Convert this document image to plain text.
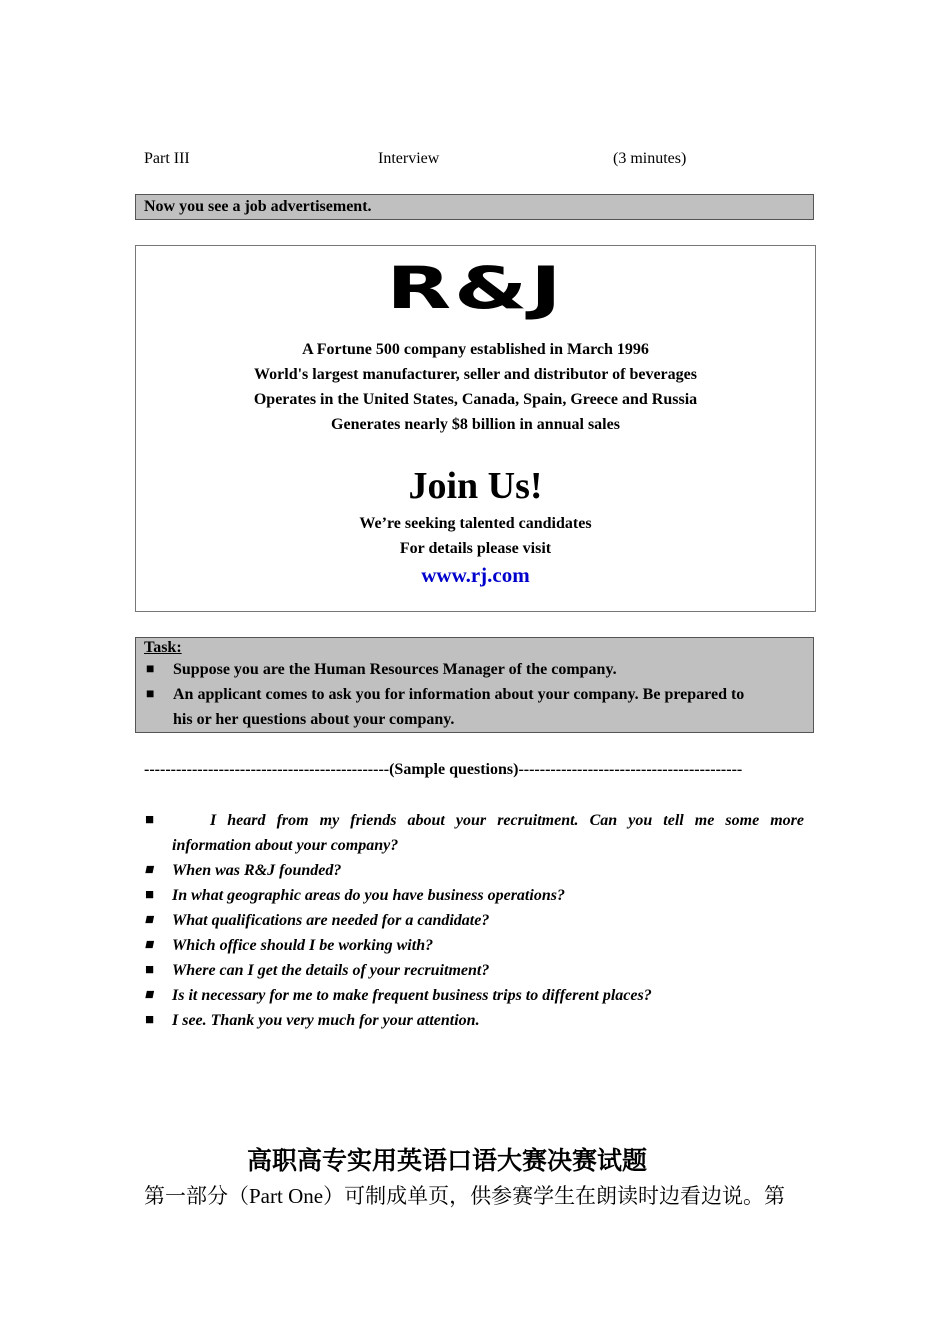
Part III	Interview	(3 minutes)
Now you see a job advertisement.
R&J
A Fortune 500 company established in March 1996
World's largest manufacturer, seller and distributor of beverages
Operates in the United States, Canada, Spain, Greece and Russia
Generates nearly $8 billion in annual sales
Join Us!
We’re seeking talented candidates
For details please visit
www.rj.com
Task:
■ Suppose you are the Human Resources Manager of the company.
■ An applicant comes to ask you for information about your company. Be prepared to
his or her questions about your company.
----------------------------------------------(Sample questions)------------------------------------------
■	I heard from my friends about your recruitment. Can you tell me some more
information about your company?
■ When was R&J founded?
■ In what geographic areas do you have business operations?
■ What qualifications are needed for a candidate?
■ Which office should I be working with?
■ Where can I get the details of your recruitment?
■ Is it necessary for me to make frequent business trips to different places?
■ I see. Thank you very much for your attention.
高职高专实用英语口语大赛决赛试题
第一部分（Part One）可制成单页，供参赛学生在朗读时边看边说。第
